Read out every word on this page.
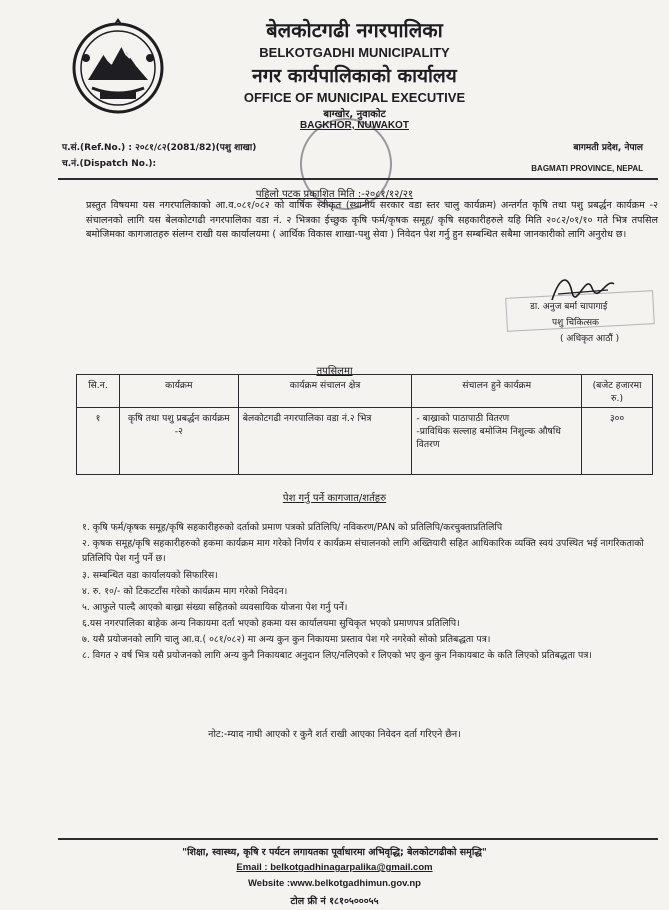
बेलकोटगढी नगरपालिका
BELKOTGADHI MUNICIPALITY
नगर कार्यपालिकाको कार्यालय
OFFICE OF MUNICIPAL EXECUTIVE
बाग्खोर, नुवाकोट
BAGKHOR, NUWAKOT
प.सं.(Ref.No.) : २०८१/८२(2081/82)(पशु शाखा)
च.नं.(Dispatch No.):
बागमती प्रदेश, नेपाल
BAGMATI PROVINCE, NEPAL
पहिलो पटक प्रकाशित मिति :-२०८१/१२/२१
प्रस्तुत विषयमा यस नगरपालिकाको आ.व.०८१/०८२ को वार्षिक स्वीकृत (स्थानीय सरकार वडा स्तर चालु कार्यक्रम) अन्तर्गत कृषि तथा पशु प्रबर्द्धन कार्यक्रम -२ संचालनको लागि यस बेलकोटगढी नगरपालिका वडा नं. २ भित्रका ईच्छुक कृषि फर्म/कृषक समूह/ कृषि सहकारीहरुले यहि मिति २०८२/०१/१० गते भित्र तपसिल बमोजिमका कागजातहरु संलग्न राखी यस कार्यालयमा ( आर्थिक विकास शाखा-पशु सेवा ) निवेदन पेश गर्नु हुन सम्बन्धित सबैमा जानकारीको लागि अनुरोध छ।
डा. अनुज बर्मा चापागाई
पशु चिकित्सक
( अधिकृत आठौं )
तपसिलमा
सि.न.	कार्यक्रम	कार्यक्रम संचालन क्षेत्र	संचालन हुने कार्यक्रम	(बजेट हजारमा रु.)
१	कृषि तथा पशु प्रबर्द्धन कार्यक्रम -२	बेलकोटगढी नगरपालिका वडा नं.२ भित्र	- बाख्राको पाठापाठी वितरण
-प्राविधिक सल्लाह बमोजिम निशुल्क औषधि वितरण	३००
पेश गर्नु पर्ने कागजात/शर्तहरु
१. कृषि फर्म/कृषक समूह/कृषि सहकारीहरुको दर्ताको प्रमाण पत्रको प्रतिलिपि/ नविकरण/PAN को प्रतिलिपि/करचुक्ताप्रतिलिपि
२. कृषक समूह/कृषि सहकारीहरुको हकमा कार्यक्रम माग गरेको निर्णय र कार्यक्रम संचालनको लागि अख्तियारी सहित आधिकारिक व्यक्ति स्वयं उपस्थित भई नागरिकताको प्रतिलिपि पेश गर्नु पर्ने छ।
३. सम्बन्धित वडा कार्यालयको सिफारिस।
४. रु. १०/- को टिकटटाँस गरेको कार्यक्रम माग गरेको निवेदन।
५. आफुले पाल्दै आएको बाख्रा संख्या सहितको व्यवसायिक योजना पेश गर्नु पर्ने।
६.यस नगरपालिका बाहेक अन्य निकायमा दर्ता भएको हकमा यस कार्यालयमा सुचिकृत भएको प्रमाणपत्र प्रतिलिपि।
७. यसै प्रयोजनको लागि चालु आ.व.( ०८१/०८२) मा अन्य कुन कुन निकायमा प्रस्ताव पेश गरे नगरेको सोको प्रतिबद्धता पत्र।
८. विगत २ वर्ष भित्र यसै प्रयोजनको लागि अन्य कुनै निकायबाट अनुदान लिए/नलिएको र लिएको भए कुन कुन निकायबाट के कति लिएको प्रतिबद्धता पत्र।
नोट:-म्याद नाघी आएको र कुनै शर्त राखी आएका निवेदन दर्ता गरिएने छैन।
"शिक्षा, स्वास्थ्य, कृषि र पर्यटन लगायतका पूर्वाधारमा अभिवृद्धि; बेलकोटगढीको समृद्धि"
Email : belkotgadhinagarpalika@gmail.com
Website :www.belkotgadhimun.gov.np
टोल फ्री नं १८१०५०००५५
